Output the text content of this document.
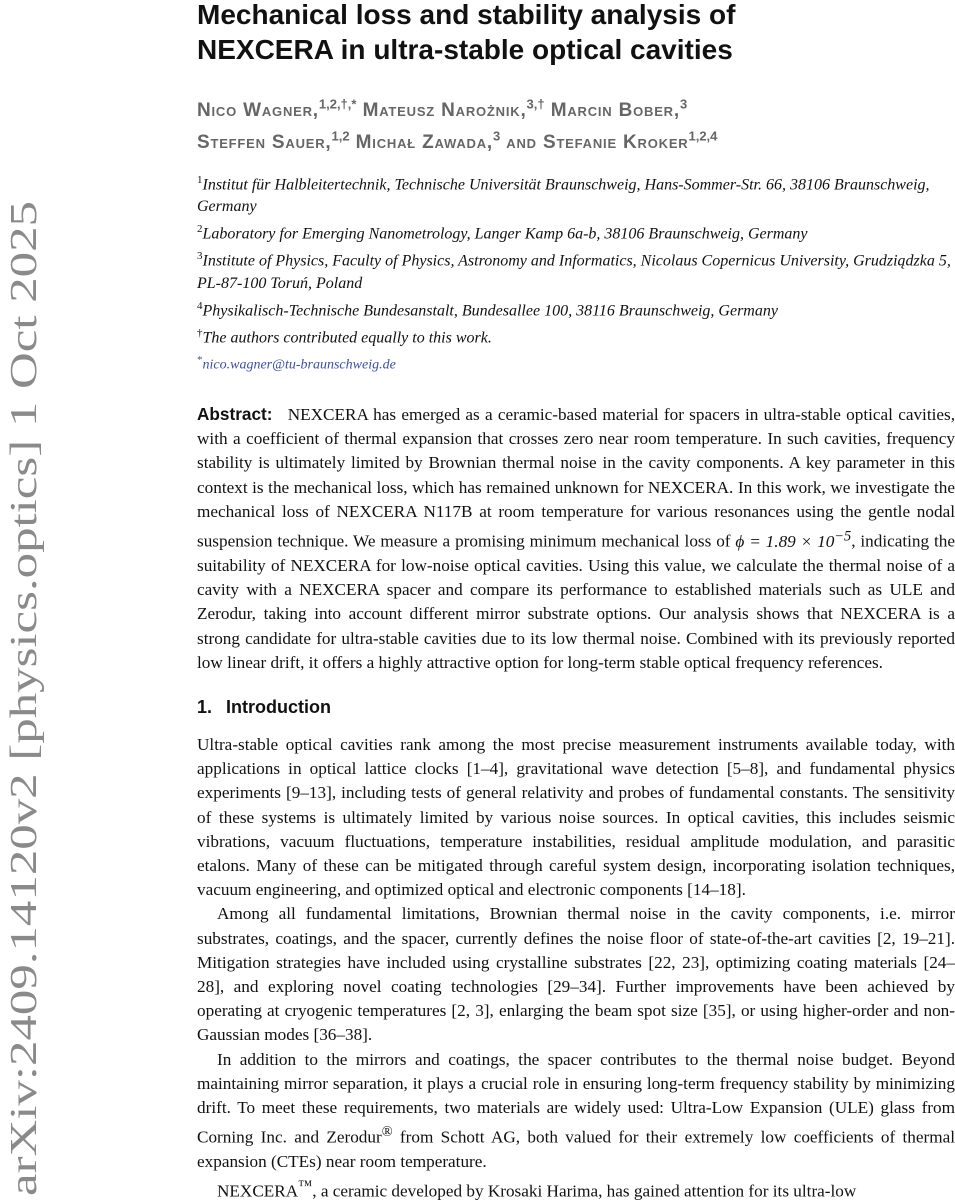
arXiv:2409.14120v2 [physics.optics] 1 Oct 2025
Mechanical loss and stability analysis of
NEXCERA in ultra-stable optical cavities
Nico Wagner,$^{1,2,\dagger,*}$ Mateusz Narożnik,$^{3,\dagger}$ Marcin Bober,$^3$
Steffen Sauer,$^{1,2}$ Michał Zawada,$^3$ and Stefanie Kroker$^{1,2,4}$
$^1$Institut für Halbleitertechnik, Technische Universität Braunschweig, Hans-Sommer-Str. 66, 38106 Braunschweig, Germany
$^2$Laboratory for Emerging Nanometrology, Langer Kamp 6a-b, 38106 Braunschweig, Germany
$^3$Institute of Physics, Faculty of Physics, Astronomy and Informatics, Nicolaus Copernicus University, Grudziądzka 5, PL-87-100 Toruń, Poland
$^4$Physikalisch-Technische Bundesanstalt, Bundesallee 100, 38116 Braunschweig, Germany
†The authors contributed equally to this work.
*nico.wagner@tu-braunschweig.de
Abstract: NEXCERA has emerged as a ceramic-based material for spacers in ultra-stable optical cavities, with a coefficient of thermal expansion that crosses zero near room temperature. In such cavities, frequency stability is ultimately limited by Brownian thermal noise in the cavity components. A key parameter in this context is the mechanical loss, which has remained unknown for NEXCERA. In this work, we investigate the mechanical loss of NEXCERA N117B at room temperature for various resonances using the gentle nodal suspension technique. We measure a promising minimum mechanical loss of $\phi = 1.89 \times 10^{-5}$, indicating the suitability of NEXCERA for low-noise optical cavities. Using this value, we calculate the thermal noise of a cavity with a NEXCERA spacer and compare its performance to established materials such as ULE and Zerodur, taking into account different mirror substrate options. Our analysis shows that NEXCERA is a strong candidate for ultra-stable cavities due to its low thermal noise. Combined with its previously reported low linear drift, it offers a highly attractive option for long-term stable optical frequency references.
1. Introduction

Ultra-stable optical cavities rank among the most precise measurement instruments available today, with applications in optical lattice clocks [1–4], gravitational wave detection [5–8], and fundamental physics experiments [9–13], including tests of general relativity and probes of fundamental constants. The sensitivity of these systems is ultimately limited by various noise sources. In optical cavities, this includes seismic vibrations, vacuum fluctuations, temperature instabilities, residual amplitude modulation, and parasitic etalons. Many of these can be mitigated through careful system design, incorporating isolation techniques, vacuum engineering, and optimized optical and electronic components [14–18].

Among all fundamental limitations, Brownian thermal noise in the cavity components, i.e. mirror substrates, coatings, and the spacer, currently defines the noise floor of state-of-the-art cavities [2, 19–21]. Mitigation strategies have included using crystalline substrates [22, 23], optimizing coating materials [24–28], and exploring novel coating technologies [29–34]. Further improvements have been achieved by operating at cryogenic temperatures [2, 3], enlarging the beam spot size [35], or using higher-order and non-Gaussian modes [36–38].

In addition to the mirrors and coatings, the spacer contributes to the thermal noise budget. Beyond maintaining mirror separation, it plays a crucial role in ensuring long-term frequency stability by minimizing drift. To meet these requirements, two materials are widely used: Ultra-Low Expansion (ULE) glass from Corning Inc. and Zerodur® from Schott AG, both valued for their extremely low coefficients of thermal expansion (CTEs) near room temperature.

NEXCERA™, a ceramic developed by Krosaki Harima, has gained attention for its ultra-low
